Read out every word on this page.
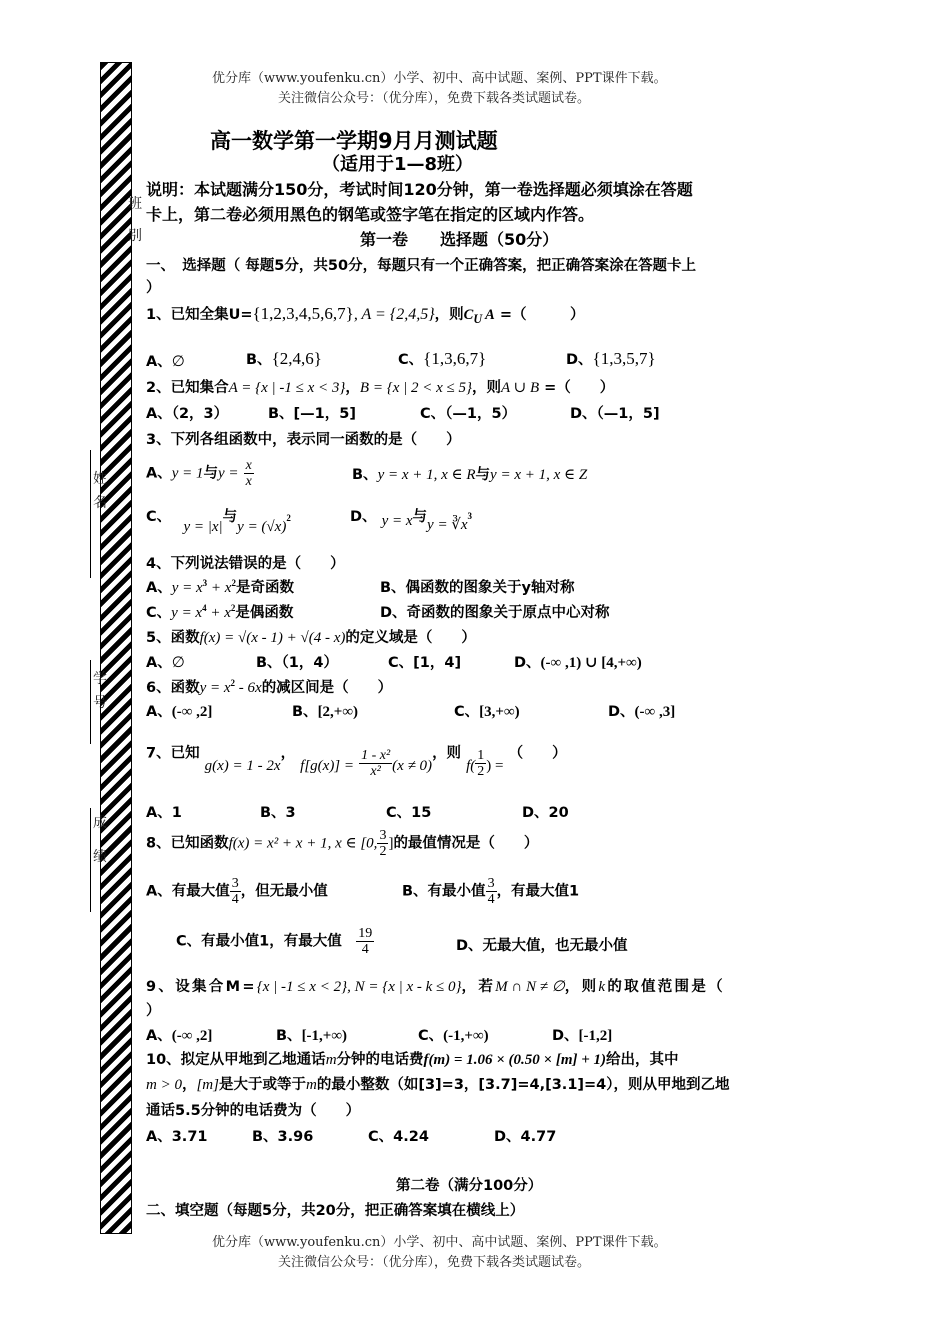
优分库（www.youfenku.cn）小学、初中、高中试题、案例、PPT课件下载。
关注微信公众号：（优分库），免费下载各类试题试卷。
班
别
姓
名
学
号
成
绩
高一数学第一学期9月月测试题
（适用于1—8班）
说明：本试题满分150分，考试时间120分钟，第一卷选择题必须填涂在答题
卡上，第二卷必须用黑色的钢笔或签字笔在指定的区域内作答。
第一卷　　选择题（50分）
一、　选择题（ 每题5分，共50分，每题只有一个正确答案，把正确答案涂在答题卡上
）
1、已知全集U={1,2,3,4,5,6,7}, A = {2,4,5}，则$C_U$ A =（　　　）
A、∅	B、{2,4,6}	C、{1,3,6,7}	D、{1,3,5,7}
2、已知集合A = {x | -1 ≤ x < 3}，B = {x | 2 < x ≤ 5}，则A ∪ B =（　　）
A、（2，3）	B、[—1，5]	C、（—1，5）	D、（—1，5]
3、下列各组函数中，表示同一函数的是（　　）
A、y = 1与$y = \frac{x}{x}$	B、y = x + 1, x ∈ R与y = x + 1, x ∈ Z
C、　 y = |x|与$y = (√x)^2$	D、 y = x与$y = ∛x^3$
4、下列说法错误的是（　　）
A、$y = x^3 + x^2$是奇函数	B、偶函数的图象关于y轴对称
C、$y = x^4 + x^2$是偶函数	D、奇函数的图象关于原点中心对称
5、函数f(x) = √(x - 1) + √(4 - x)的定义域是（　　）
A、∅	B、（1，4）	C、[1，4]	D、(-∞ ,1) ∪ [4,+∞)
6、函数$y = x^2 - 6x$的减区间是（　　）
A、(-∞ ,2]	B、[2,+∞)	C、[3,+∞)	D、(-∞ ,3]
7、已知 g(x) = 1 - 2x， $f[g(x)] = \frac{\text{1 - x²}}{\text{x²}} (x \ne 0)$，则 $f( \frac{1}{2}$ ) = （　　）
A、1	B、3	C、15	D、20
8、已知函数f(x) = x² + x + 1, x ∈ [0, $\frac{3}{2}$ ]的最值情况是（　　）
A、有最大值 $\frac{3}{4}$ ，但无最小值	B、有最小值 $\frac{3}{4}$ ，有最大值1
C、有最小值1，有最大值　 $\frac{19}{4}$	D、无最大值，也无最小值
9、设集合M={x | -1 ≤ x < 2}, N = {x | x - k ≤ 0}，若M ∩ N ≠ ∅，则k的取值范围是（
）
A、(-∞ ,2]	B、[-1,+∞)	C、(-1,+∞)	D、[-1,2]
10、拟定从甲地到乙地通话m分钟的电话费f(m) = 1.06 × (0.50 × [m] + 1)给出，其中
m > 0，[m]是大于或等于m的最小整数（如[3]=3，[3.7]=4,[3.1]=4），则从甲地到乙地
通话5.5分钟的电话费为（　　）
A、3.71	B、3.96	C、4.24	D、4.77
第二卷（满分100分）
二、填空题（每题5分，共20分，把正确答案填在横线上）
优分库（www.youfenku.cn）小学、初中、高中试题、案例、PPT课件下载。
关注微信公众号：（优分库），免费下载各类试题试卷。
